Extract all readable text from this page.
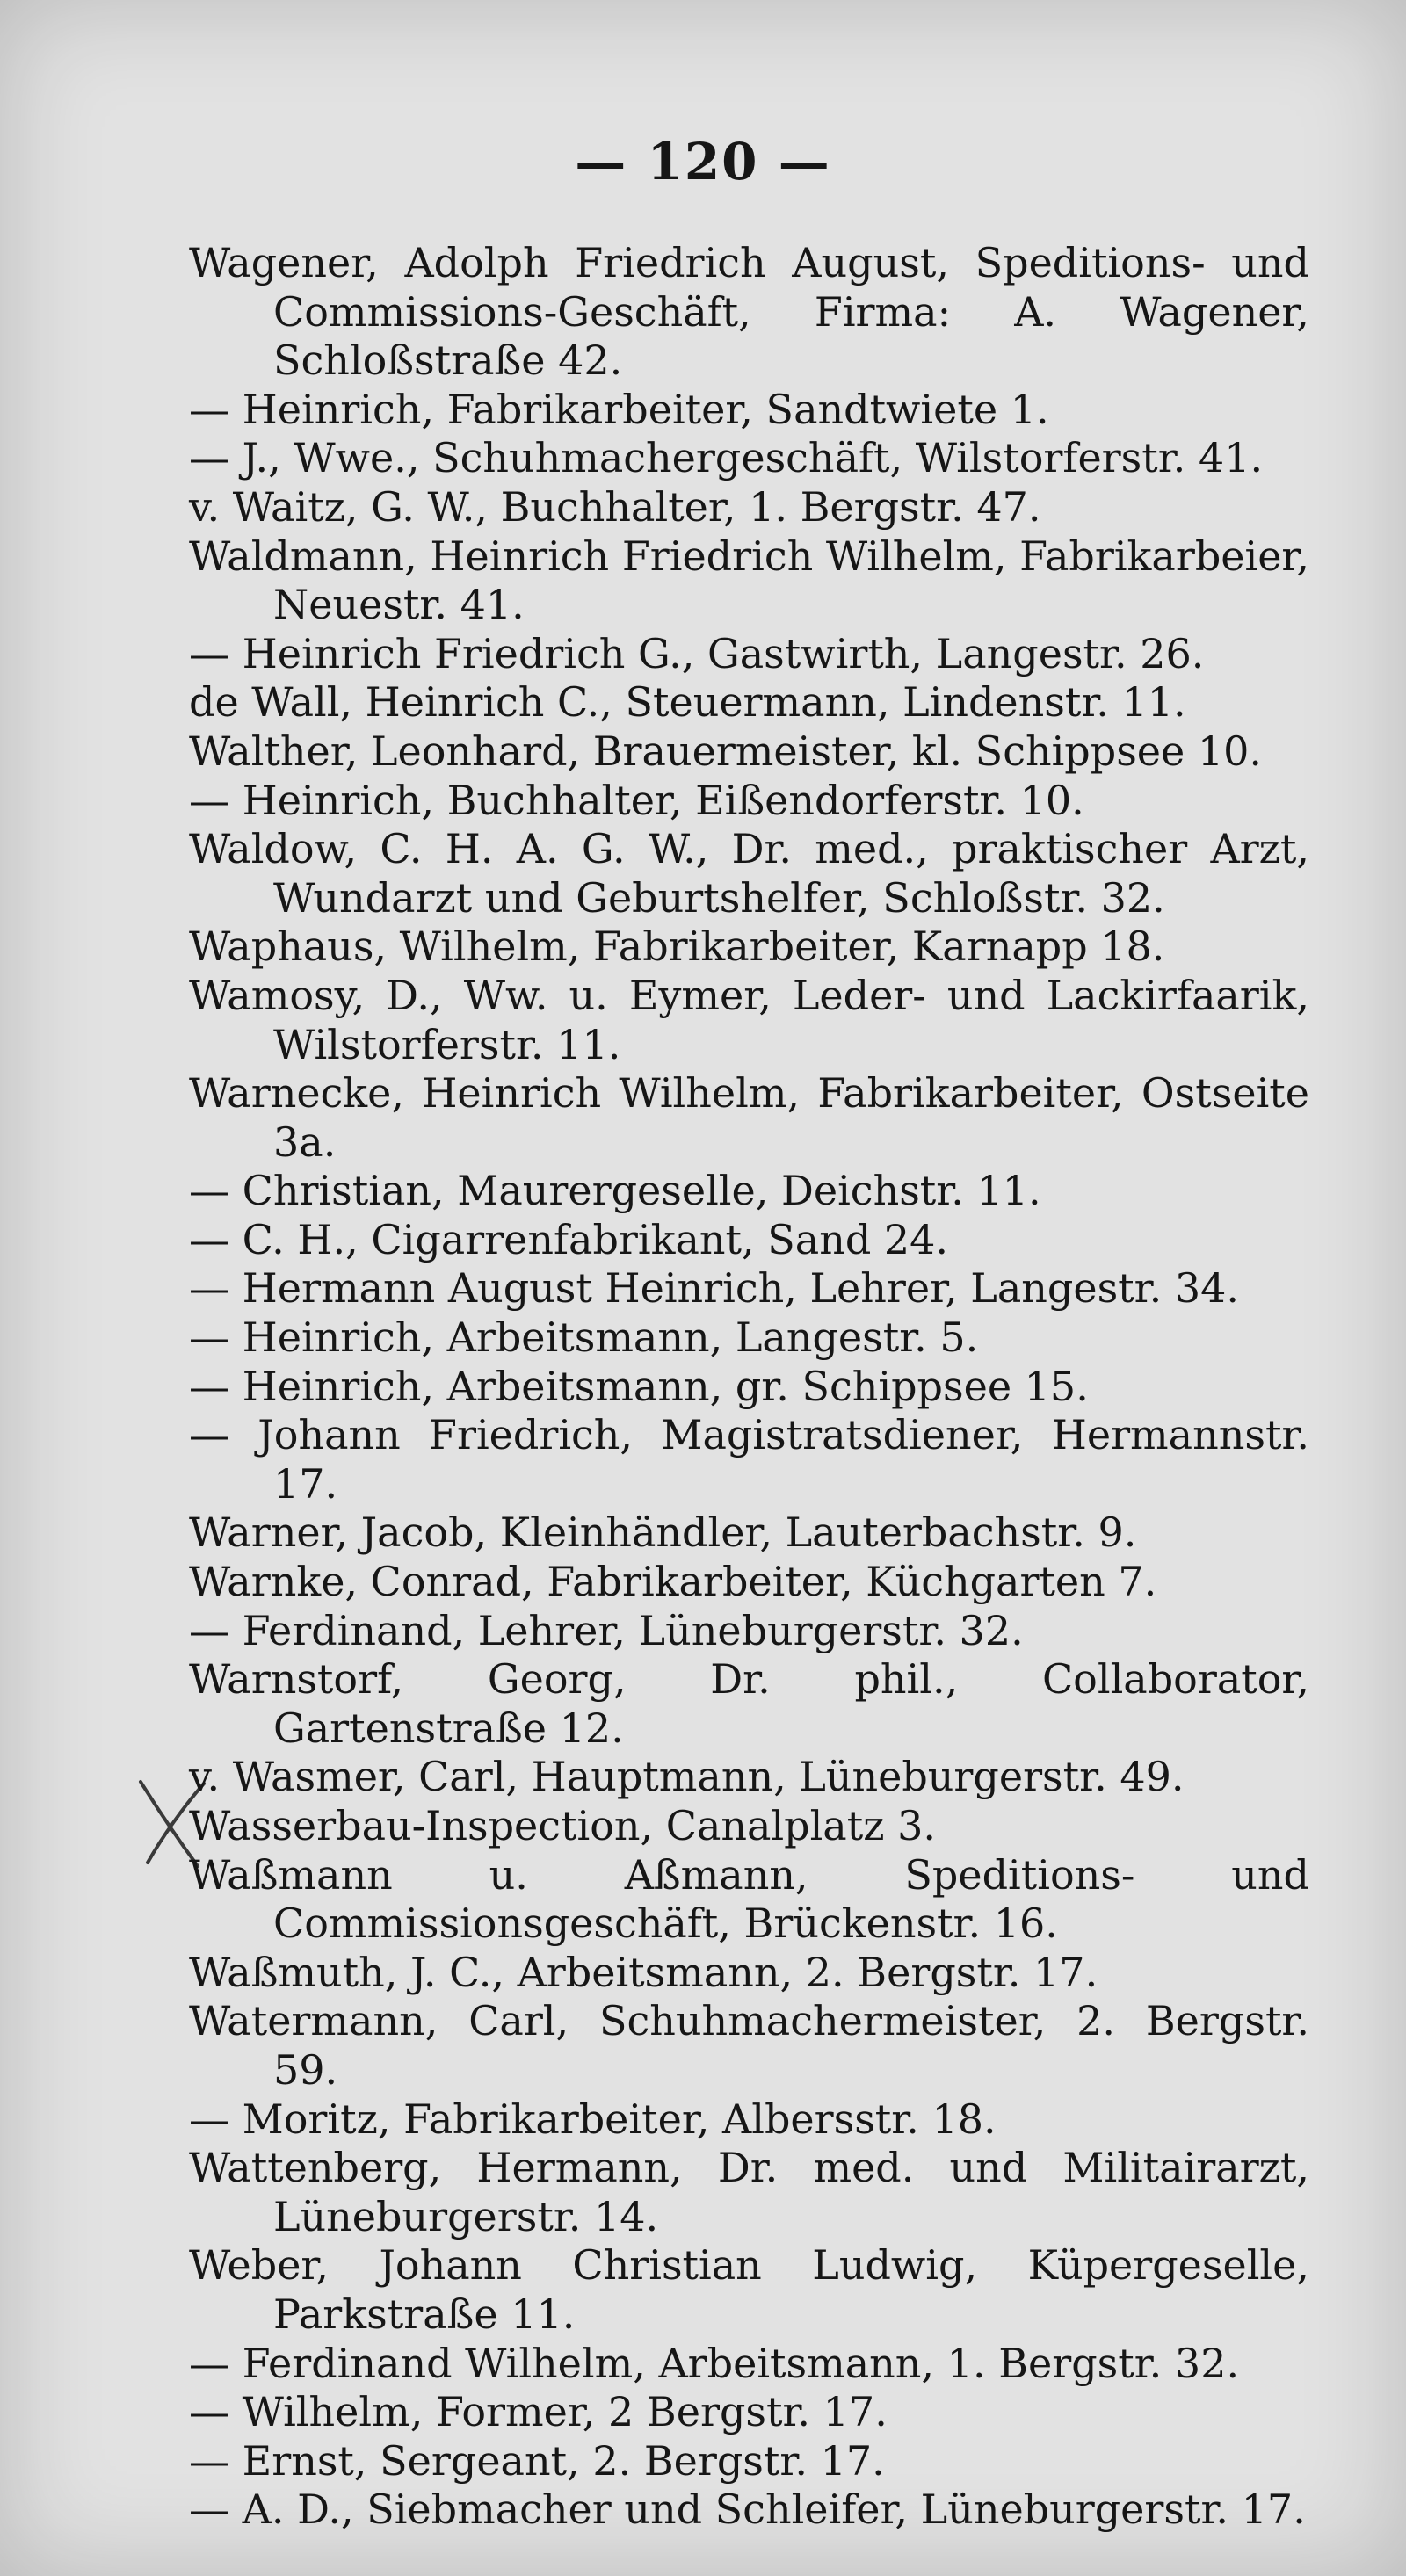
— 120 —

Wagener, Adolph Friedrich August, Speditions- und Commissions-Geschäft, Firma: A. Wagener, Schloßstraße 42.

— Heinrich, Fabrikarbeiter, Sandtwiete 1.

— J., Wwe., Schuhmachergeschäft, Wilstorferstr. 41.

v. Waitz, G. W., Buchhalter, 1. Bergstr. 47.

Waldmann, Heinrich Friedrich Wilhelm, Fabrikarbeier, Neuestr. 41.

— Heinrich Friedrich G., Gastwirth, Langestr. 26.

de Wall, Heinrich C., Steuermann, Lindenstr. 11.

Walther, Leonhard, Brauermeister, kl. Schippsee 10.

— Heinrich, Buchhalter, Eißendorferstr. 10.

Waldow, C. H. A. G. W., Dr. med., praktischer Arzt, Wundarzt und Geburtshelfer, Schloßstr. 32.

Waphaus, Wilhelm, Fabrikarbeiter, Karnapp 18.

Wamosy, D., Ww. u. Eymer, Leder- und Lackirfaarik, Wilstorferstr. 11.

Warnecke, Heinrich Wilhelm, Fabrikarbeiter, Ostseite 3a.

— Christian, Maurergeselle, Deichstr. 11.

— C. H., Cigarrenfabrikant, Sand 24.

— Hermann August Heinrich, Lehrer, Langestr. 34.

— Heinrich, Arbeitsmann, Langestr. 5.

— Heinrich, Arbeitsmann, gr. Schippsee 15.

— Johann Friedrich, Magistratsdiener, Hermannstr. 17.

Warner, Jacob, Kleinhändler, Lauterbachstr. 9.

Warnke, Conrad, Fabrikarbeiter, Küchgarten 7.

— Ferdinand, Lehrer, Lüneburgerstr. 32.

Warnstorf, Georg, Dr. phil., Collaborator, Gartenstraße 12.

v. Wasmer, Carl, Hauptmann, Lüneburgerstr. 49.

Wasserbau-Inspection, Canalplatz 3.

Waßmann u. Aßmann, Speditions- und Commissionsgeschäft, Brückenstr. 16.

Waßmuth, J. C., Arbeitsmann, 2. Bergstr. 17.

Watermann, Carl, Schuhmachermeister, 2. Bergstr. 59.

— Moritz, Fabrikarbeiter, Albersstr. 18.

Wattenberg, Hermann, Dr. med. und Militairarzt, Lüneburgerstr. 14.

Weber, Johann Christian Ludwig, Küpergeselle, Parkstraße 11.

— Ferdinand Wilhelm, Arbeitsmann, 1. Bergstr. 32.

— Wilhelm, Former, 2 Bergstr. 17.

— Ernst, Sergeant, 2. Bergstr. 17.

— A. D., Siebmacher und Schleifer, Lüneburgerstr. 17.
